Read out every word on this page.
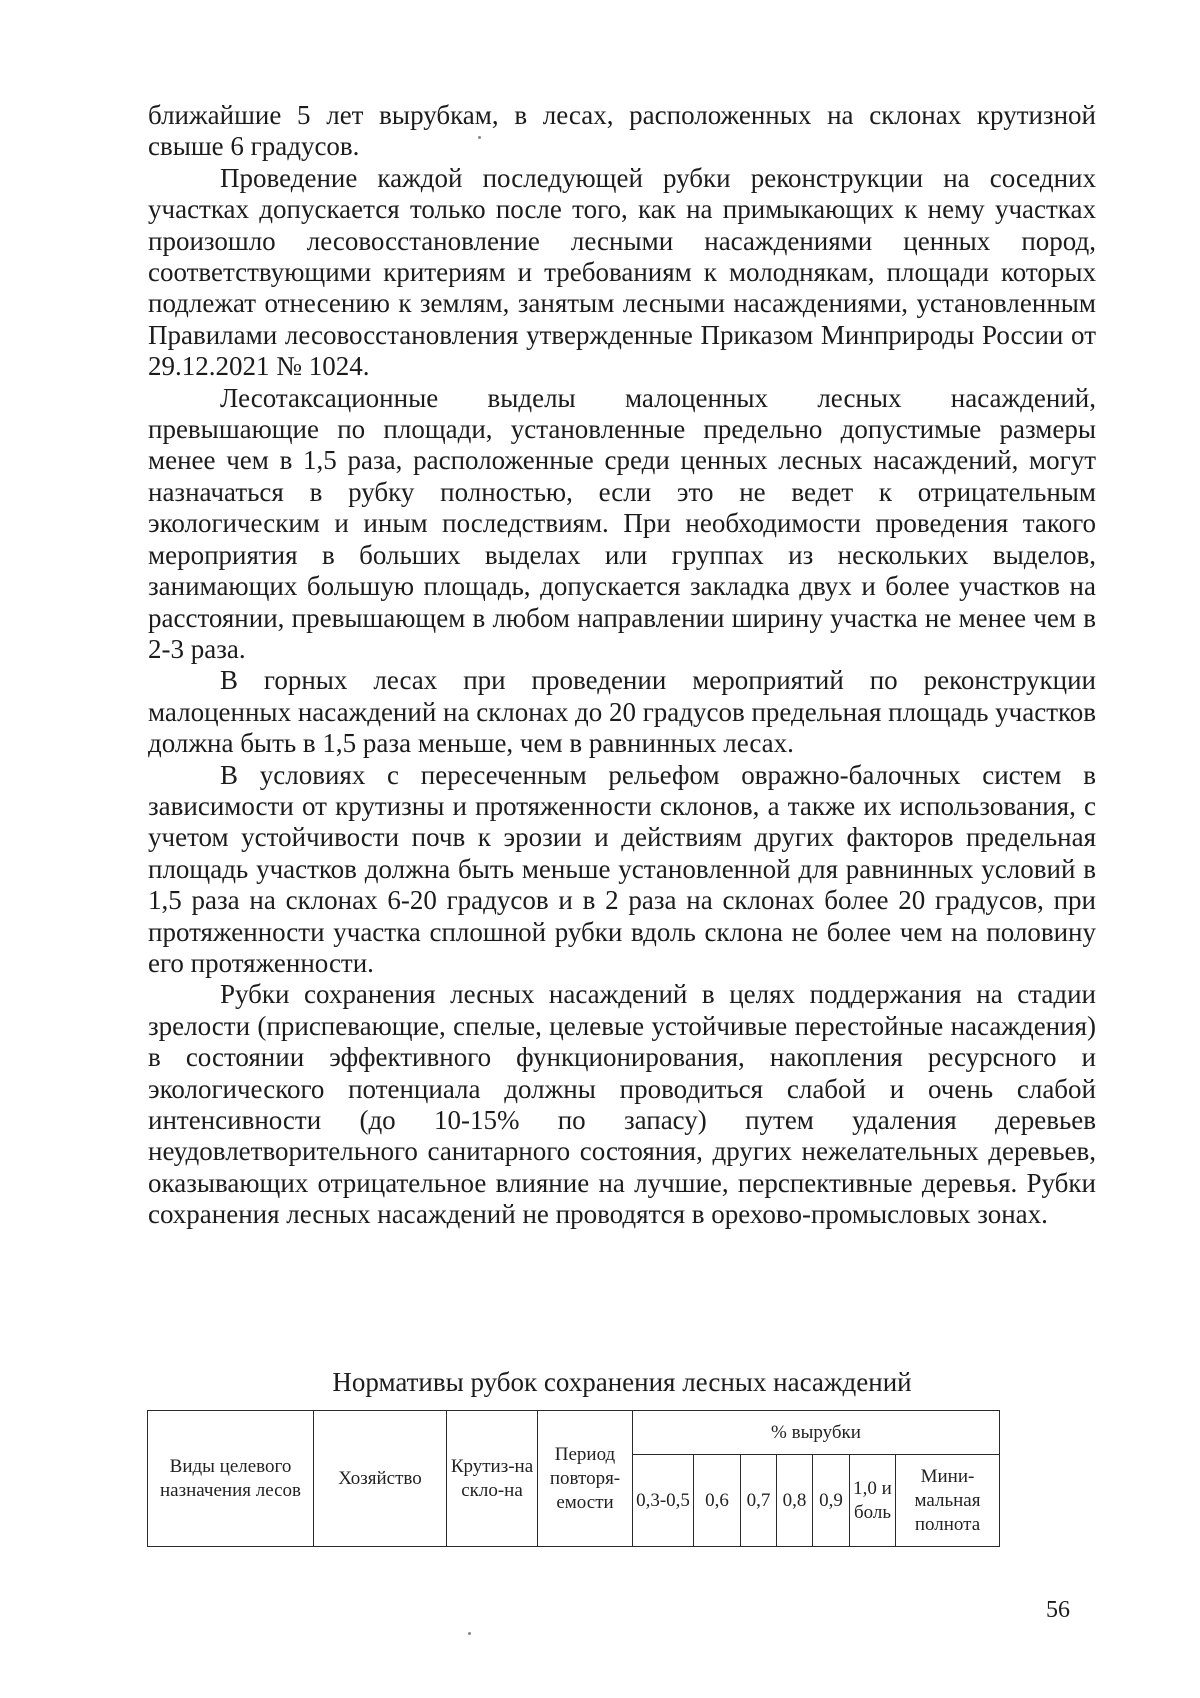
ближайшие 5 лет вырубкам, в лесах, расположенных на склонах крутизной свыше 6 градусов.

Проведение каждой последующей рубки реконструкции на соседних участках допускается только после того, как на примыкающих к нему участках произошло лесовосстановление лесными насаждениями ценных пород, соответствующими критериям и требованиям к молоднякам, площади которых подлежат отнесению к землям, занятым лесными насаждениями, установленным Правилами лесовосстановления утвержденные Приказом Минприроды России от 29.12.2021 № 1024.

Лесотаксационные выделы малоценных лесных насаждений, превышающие по площади, установленные предельно допустимые размеры менее чем в 1,5 раза, расположенные среди ценных лесных насаждений, могут назначаться в рубку полностью, если это не ведет к отрицательным экологическим и иным последствиям. При необходимости проведения такого мероприятия в больших выделах или группах из нескольких выделов, занимающих большую площадь, допускается закладка двух и более участков на расстоянии, превышающем в любом направлении ширину участка не менее чем в 2-3 раза.

В горных лесах при проведении мероприятий по реконструкции малоценных насаждений на склонах до 20 градусов предельная площадь участков должна быть в 1,5 раза меньше, чем в равнинных лесах.

В условиях с пересеченным рельефом овражно-балочных систем в зависимости от крутизны и протяженности склонов, а также их использования, с учетом устойчивости почв к эрозии и действиям других факторов предельная площадь участков должна быть меньше установленной для равнинных условий в 1,5 раза на склонах 6-20 градусов и в 2 раза на склонах более 20 градусов, при протяженности участка сплошной рубки вдоль склона не более чем на половину его протяженности.

Рубки сохранения лесных насаждений в целях поддержания на стадии зрелости (приспевающие, спелые, целевые устойчивые перестойные насаждения) в состоянии эффективного функционирования, накопления ресурсного и экологического потенциала должны проводиться слабой и очень слабой интенсивности (до 10-15% по запасу) путем удаления деревьев неудовлетворительного санитарного состояния, других нежелательных деревьев, оказывающих отрицательное влияние на лучшие, перспективные деревья. Рубки сохранения лесных насаждений не проводятся в орехово-промысловых зонах.

Нормативы рубок сохранения лесных насаждений
Виды целевого назначения лесов	Хозяйство	Крутиз-на скло-на	Период повторя-емости	% вырубки						
				0,3-0,5	0,6	0,7	0,8	0,9	1,0 и боль	Мини-мальная полнота
56
